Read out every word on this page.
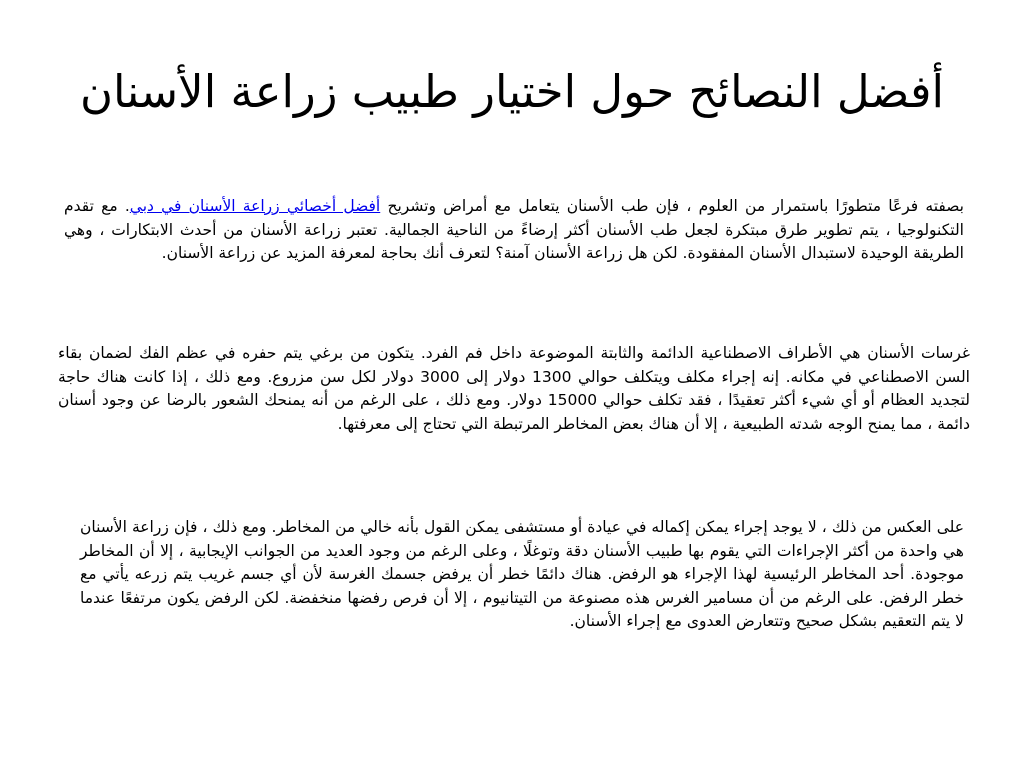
أفضل النصائح حول اختيار طبيب زراعة الأسنان

بصفته فرعًا متطورًا باستمرار من العلوم ، فإن طب الأسنان يتعامل مع أمراض وتشريح أفضل أخصائي زراعة الأسنان في دبي. مع تقدم التكنولوجيا ، يتم تطوير طرق مبتكرة لجعل طب الأسنان أكثر إرضاءً من الناحية الجمالية. تعتبر زراعة الأسنان من أحدث الابتكارات ، وهي الطريقة الوحيدة لاستبدال الأسنان المفقودة. لكن هل زراعة الأسنان آمنة؟ لتعرف أنك بحاجة لمعرفة المزيد عن زراعة الأسنان.

غرسات الأسنان هي الأطراف الاصطناعية الدائمة والثابتة الموضوعة داخل فم الفرد. يتكون من برغي يتم حفره في عظم الفك لضمان بقاء السن الاصطناعي في مكانه. إنه إجراء مكلف ويتكلف حوالي 1300 دولار إلى 3000 دولار لكل سن مزروع. ومع ذلك ، إذا كانت هناك حاجة لتجديد العظام أو أي شيء أكثر تعقيدًا ، فقد تكلف حوالي 15000 دولار. ومع ذلك ، على الرغم من أنه يمنحك الشعور بالرضا عن وجود أسنان دائمة ، مما يمنح الوجه شدته الطبيعية ، إلا أن هناك بعض المخاطر المرتبطة التي تحتاج إلى معرفتها.

على العكس من ذلك ، لا يوجد إجراء يمكن إكماله في عيادة أو مستشفى يمكن القول بأنه خالي من المخاطر. ومع ذلك ، فإن زراعة الأسنان هي واحدة من أكثر الإجراءات التي يقوم بها طبيب الأسنان دقة وتوغلًا ، وعلى الرغم من وجود العديد من الجوانب الإيجابية ، إلا أن المخاطر موجودة. أحد المخاطر الرئيسية لهذا الإجراء هو الرفض. هناك دائمًا خطر أن يرفض جسمك الغرسة لأن أي جسم غريب يتم زرعه يأتي مع خطر الرفض. على الرغم من أن مسامير الغرس هذه مصنوعة من التيتانيوم ، إلا أن فرص رفضها منخفضة. لكن الرفض يكون مرتفعًا عندما لا يتم التعقيم بشكل صحيح وتتعارض العدوى مع إجراء الأسنان.
